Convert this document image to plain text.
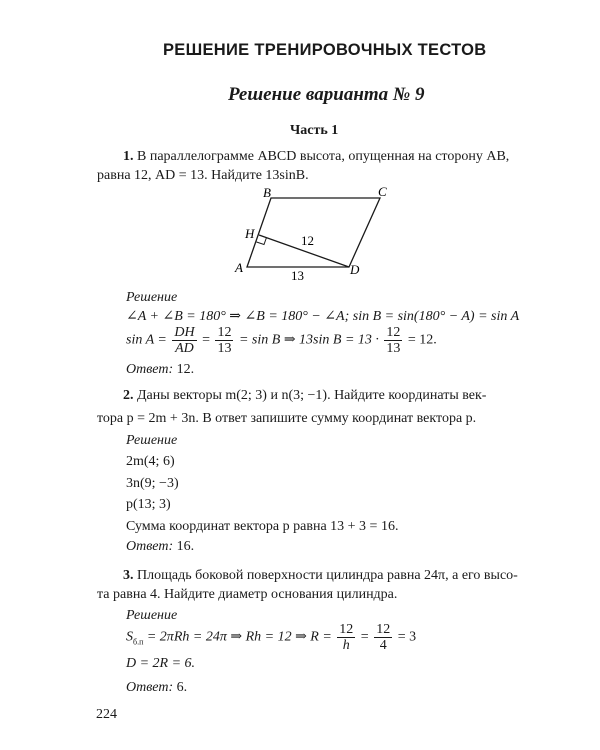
РЕШЕНИЕ ТРЕНИРОВОЧНЫХ ТЕСТОВ
Решение варианта № 9
Часть 1
1. В параллелограмме ABCD высота, опущенная на сторону AB,
равна 12, AD = 13. Найдите 13sinB.
B	C
A	D
H	12
13
Решение
∠A + ∠B = 180° ⇒ ∠B = 180° − ∠A; sin B = sin(180° − A) = sin A
$\sin A = \frac{DH}{AD} = \frac{12}{13} = \sin B$ ⇒ 13sin $B = 13 \cdot \frac{12}{13} = 12$.
Ответ: 12.
2. Даны векторы m(2; 3) и n(3; −1). Найдите координаты век-
тора p = 2m + 3n. В ответ запишите сумму координат вектора p.
Решение
2m(4; 6)
3n(9; −3)
p(13; 3)
Сумма координат вектора p равна 13 + 3 = 16.
Ответ: 16.
3. Площадь боковой поверхности цилиндра равна 24π, а его высо-
та равна 4. Найдите диаметр основания цилиндра.
Решение
$S_{б.п} = 2\pi Rh = 24\pi$ ⇒ Rh = 12 ⇒ $R = \frac{12}{h} = \frac{12}{4} = 3$
D = 2R = 6.
Ответ: 6.
224
